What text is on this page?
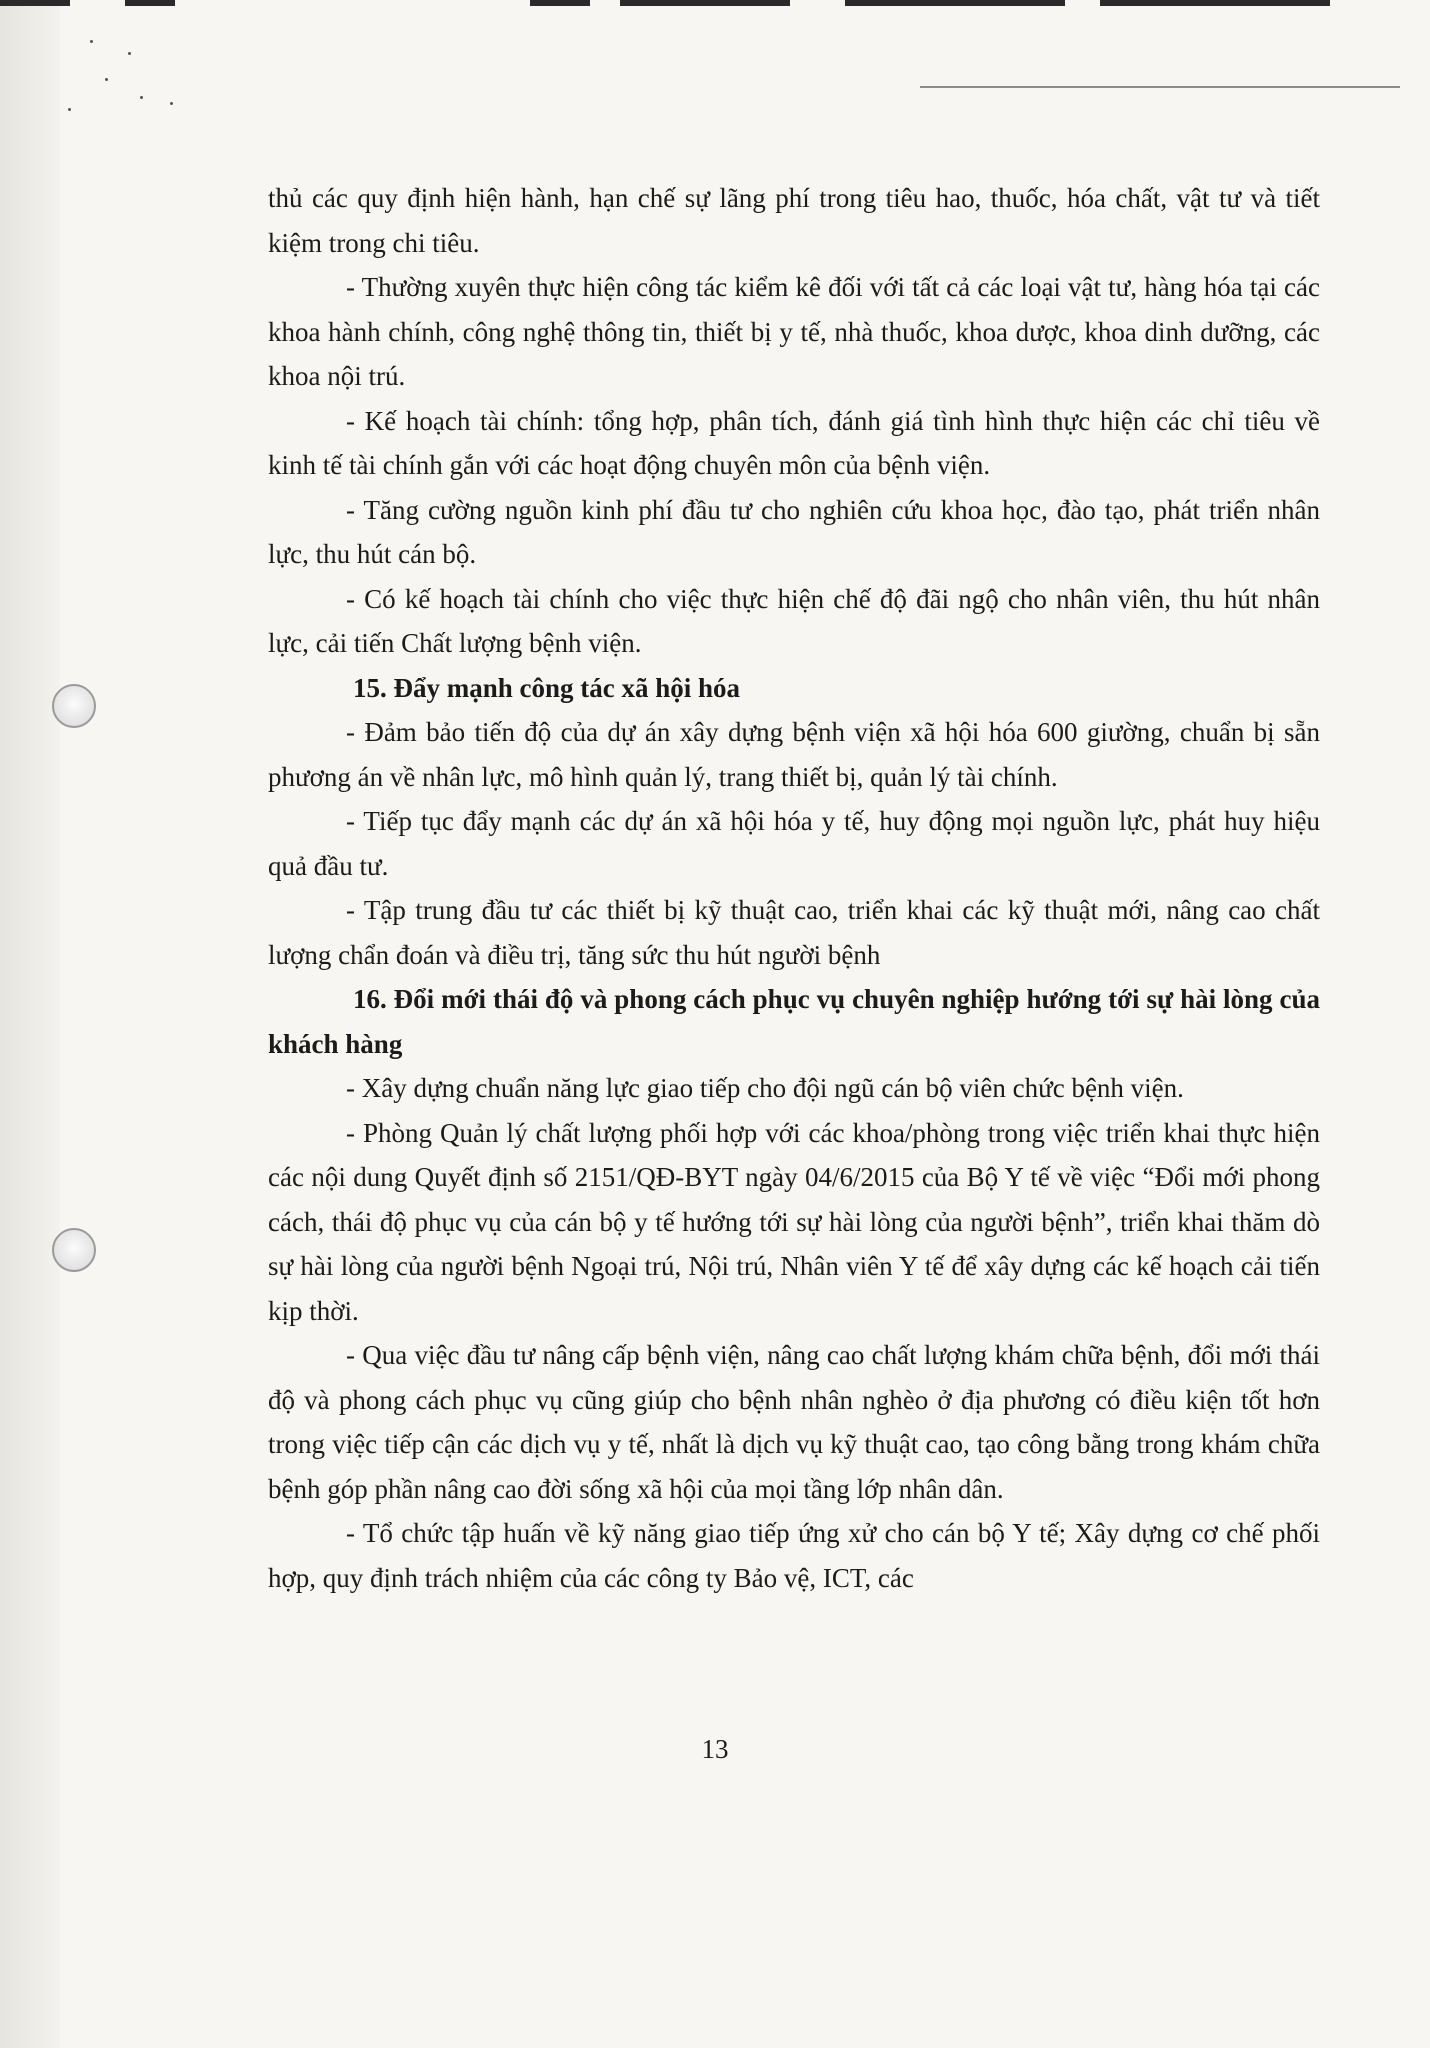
thủ các quy định hiện hành, hạn chế sự lãng phí trong tiêu hao, thuốc, hóa chất, vật tư và tiết kiệm trong chi tiêu.

- Thường xuyên thực hiện công tác kiểm kê đối với tất cả các loại vật tư, hàng hóa tại các khoa hành chính, công nghệ thông tin, thiết bị y tế, nhà thuốc, khoa dược, khoa dinh dưỡng, các khoa nội trú.

- Kế hoạch tài chính: tổng hợp, phân tích, đánh giá tình hình thực hiện các chỉ tiêu về kinh tế tài chính gắn với các hoạt động chuyên môn của bệnh viện.

- Tăng cường nguồn kinh phí đầu tư cho nghiên cứu khoa học, đào tạo, phát triển nhân lực, thu hút cán bộ.

- Có kế hoạch tài chính cho việc thực hiện chế độ đãi ngộ cho nhân viên, thu hút nhân lực, cải tiến Chất lượng bệnh viện.

15. Đẩy mạnh công tác xã hội hóa

- Đảm bảo tiến độ của dự án xây dựng bệnh viện xã hội hóa 600 giường, chuẩn bị sẵn phương án về nhân lực, mô hình quản lý, trang thiết bị, quản lý tài chính.

- Tiếp tục đẩy mạnh các dự án xã hội hóa y tế, huy động mọi nguồn lực, phát huy hiệu quả đầu tư.

- Tập trung đầu tư các thiết bị kỹ thuật cao, triển khai các kỹ thuật mới, nâng cao chất lượng chẩn đoán và điều trị, tăng sức thu hút người bệnh

16. Đổi mới thái độ và phong cách phục vụ chuyên nghiệp hướng tới sự hài lòng của khách hàng

- Xây dựng chuẩn năng lực giao tiếp cho đội ngũ cán bộ viên chức bệnh viện.

- Phòng Quản lý chất lượng phối hợp với các khoa/phòng trong việc triển khai thực hiện các nội dung Quyết định số 2151/QĐ-BYT ngày 04/6/2015 của Bộ Y tế về việc “Đổi mới phong cách, thái độ phục vụ của cán bộ y tế hướng tới sự hài lòng của người bệnh”, triển khai thăm dò sự hài lòng của người bệnh Ngoại trú, Nội trú, Nhân viên Y tế để xây dựng các kế hoạch cải tiến kịp thời.

- Qua việc đầu tư nâng cấp bệnh viện, nâng cao chất lượng khám chữa bệnh, đổi mới thái độ và phong cách phục vụ cũng giúp cho bệnh nhân nghèo ở địa phương có điều kiện tốt hơn trong việc tiếp cận các dịch vụ y tế, nhất là dịch vụ kỹ thuật cao, tạo công bằng trong khám chữa bệnh góp phần nâng cao đời sống xã hội của mọi tầng lớp nhân dân.

- Tổ chức tập huấn về kỹ năng giao tiếp ứng xử cho cán bộ Y tế; Xây dựng cơ chế phối hợp, quy định trách nhiệm của các công ty Bảo vệ, ICT, các

13
